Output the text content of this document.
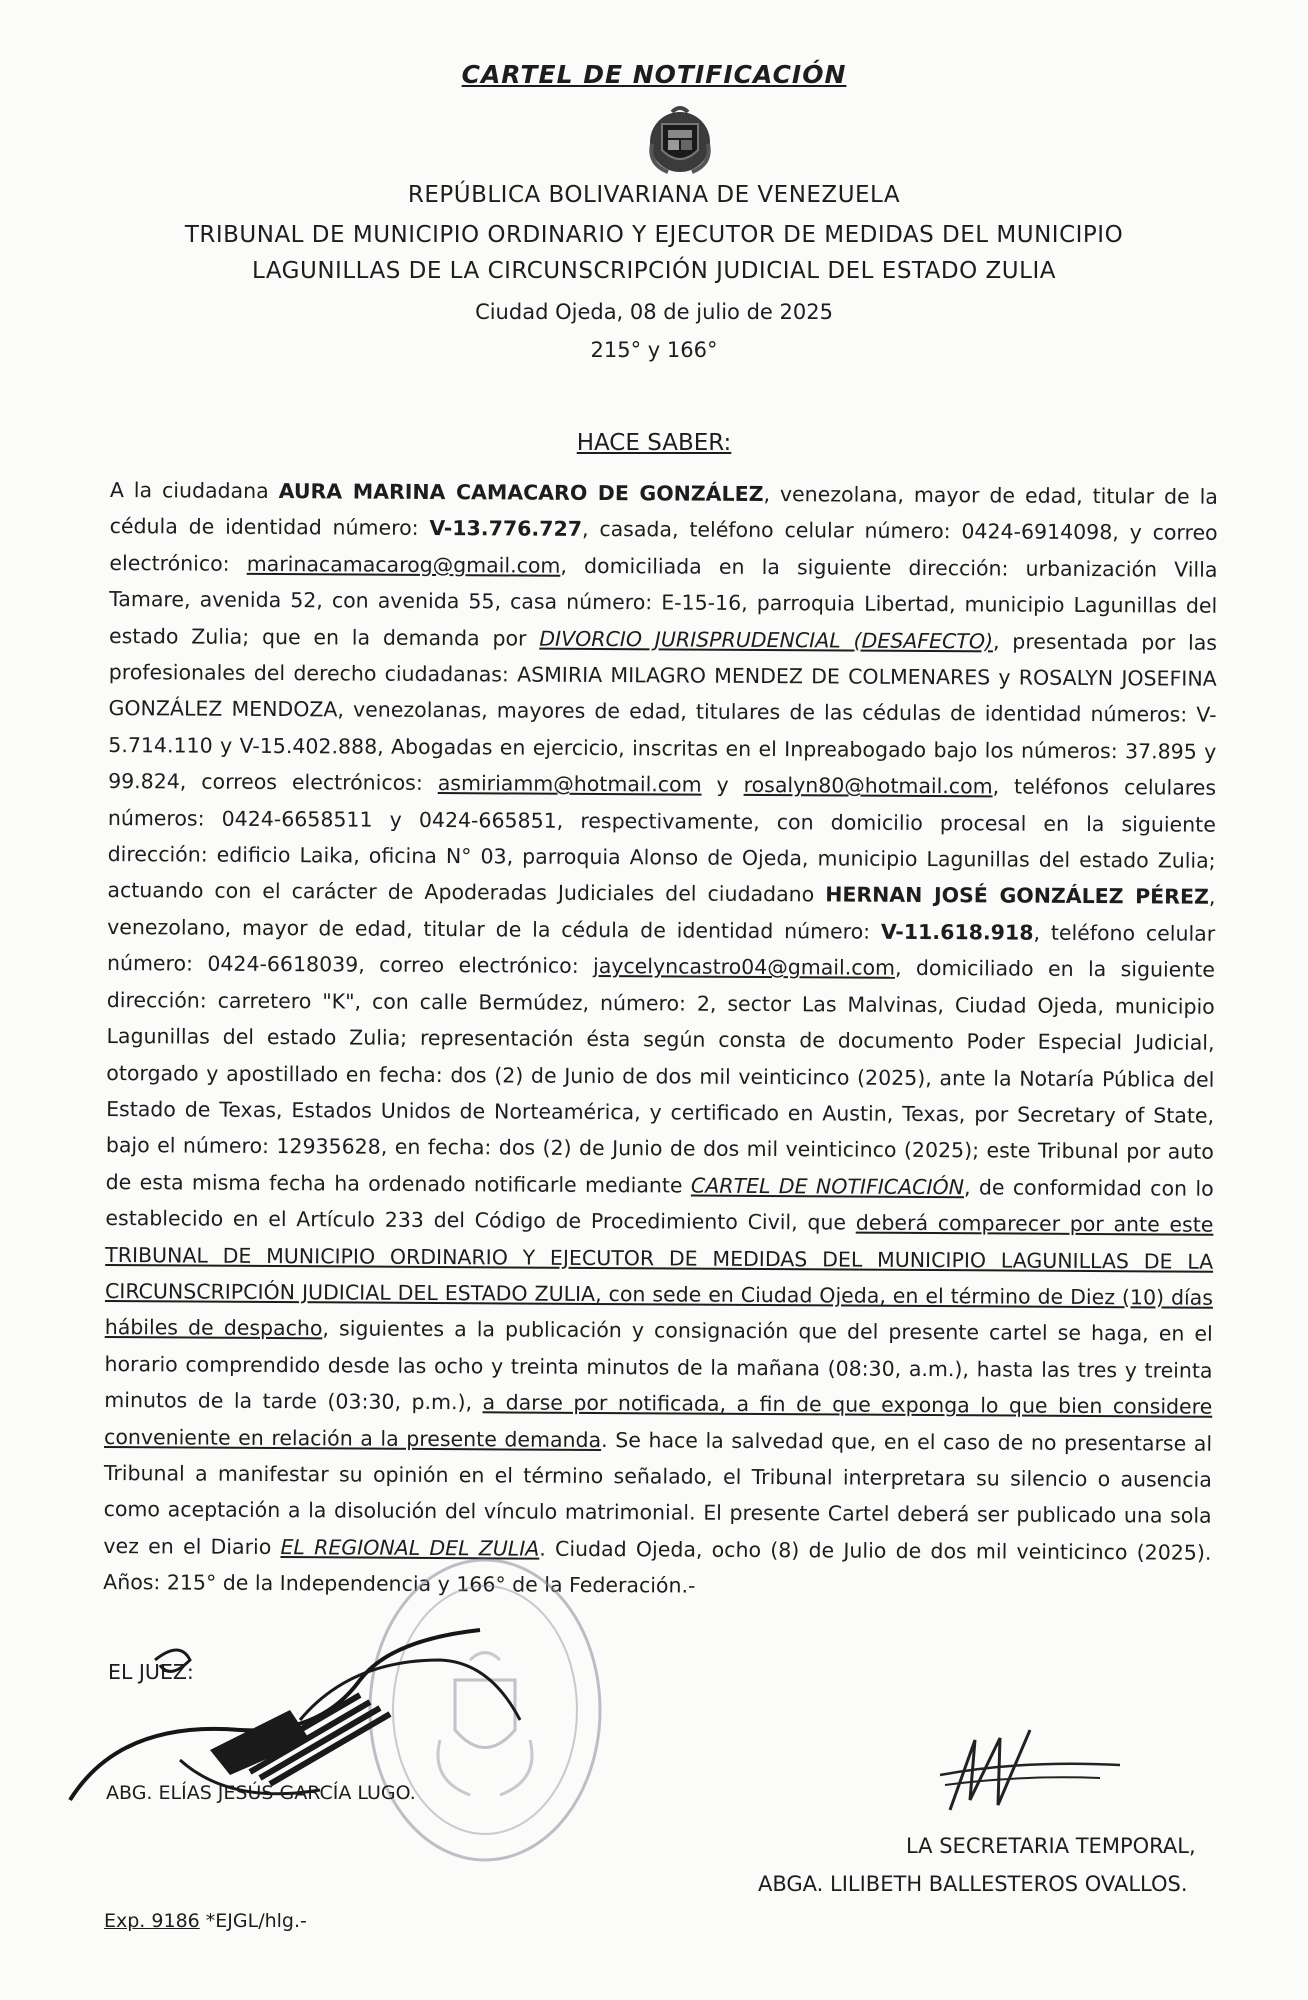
CARTEL DE NOTIFICACIÓN
REPÚBLICA BOLIVARIANA DE VENEZUELA
TRIBUNAL DE MUNICIPIO ORDINARIO Y EJECUTOR DE MEDIDAS DEL MUNICIPIO
LAGUNILLAS DE LA CIRCUNSCRIPCIÓN JUDICIAL DEL ESTADO ZULIA
Ciudad Ojeda, 08 de julio de 2025
215° y 166°
HACE SABER:

A la ciudadana AURA MARINA CAMACARO DE GONZÁLEZ, venezolana, mayor de edad, titular de la cédula de identidad número: V-13.776.727, casada, teléfono celular número: 0424-6914098, y correo electrónico: marinacamacarog@gmail.com, domiciliada en la siguiente dirección: urbanización Villa Tamare, avenida 52, con avenida 55, casa número: E-15-16, parroquia Libertad, municipio Lagunillas del estado Zulia; que en la demanda por DIVORCIO JURISPRUDENCIAL (DESAFECTO), presentada por las profesionales del derecho ciudadanas: ASMIRIA MILAGRO MENDEZ DE COLMENARES y ROSALYN JOSEFINA GONZÁLEZ MENDOZA, venezolanas, mayores de edad, titulares de las cédulas de identidad números: V-5.714.110 y V-15.402.888, Abogadas en ejercicio, inscritas en el Inpreabogado bajo los números: 37.895 y 99.824, correos electrónicos: asmiriamm@hotmail.com y rosalyn80@hotmail.com, teléfonos celulares números: 0424-6658511 y 0424-665851, respectivamente, con domicilio procesal en la siguiente dirección: edificio Laika, oficina N° 03, parroquia Alonso de Ojeda, municipio Lagunillas del estado Zulia; actuando con el carácter de Apoderadas Judiciales del ciudadano HERNAN JOSÉ GONZÁLEZ PÉREZ, venezolano, mayor de edad, titular de la cédula de identidad número: V-11.618.918, teléfono celular número: 0424-6618039, correo electrónico: jaycelyncastro04@gmail.com, domiciliado en la siguiente dirección: carretero "K", con calle Bermúdez, número: 2, sector Las Malvinas, Ciudad Ojeda, municipio Lagunillas del estado Zulia; representación ésta según consta de documento Poder Especial Judicial, otorgado y apostillado en fecha: dos (2) de Junio de dos mil veinticinco (2025), ante la Notaría Pública del Estado de Texas, Estados Unidos de Norteamérica, y certificado en Austin, Texas, por Secretary of State, bajo el número: 12935628, en fecha: dos (2) de Junio de dos mil veinticinco (2025); este Tribunal por auto de esta misma fecha ha ordenado notificarle mediante CARTEL DE NOTIFICACIÓN, de conformidad con lo establecido en el Artículo 233 del Código de Procedimiento Civil, que deberá comparecer por ante este TRIBUNAL DE MUNICIPIO ORDINARIO Y EJECUTOR DE MEDIDAS DEL MUNICIPIO LAGUNILLAS DE LA CIRCUNSCRIPCIÓN JUDICIAL DEL ESTADO ZULIA, con sede en Ciudad Ojeda, en el término de Diez (10) días hábiles de despacho, siguientes a la publicación y consignación que del presente cartel se haga, en el horario comprendido desde las ocho y treinta minutos de la mañana (08:30, a.m.), hasta las tres y treinta minutos de la tarde (03:30, p.m.), a darse por notificada, a fin de que exponga lo que bien considere conveniente en relación a la presente demanda. Se hace la salvedad que, en el caso de no presentarse al Tribunal a manifestar su opinión en el término señalado, el Tribunal interpretara su silencio o ausencia como aceptación a la disolución del vínculo matrimonial. El presente Cartel deberá ser publicado una sola vez en el Diario EL REGIONAL DEL ZULIA. Ciudad Ojeda, ocho (8) de Julio de dos mil veinticinco (2025). Años: 215° de la Independencia y 166° de la Federación.-

EL JUEZ:
ABG. ELÍAS JESÚS GARCÍA LUGO.
LA SECRETARIA TEMPORAL,
ABGA. LILIBETH BALLESTEROS OVALLOS.
Exp. 9186 *EJGL/hlg.-
